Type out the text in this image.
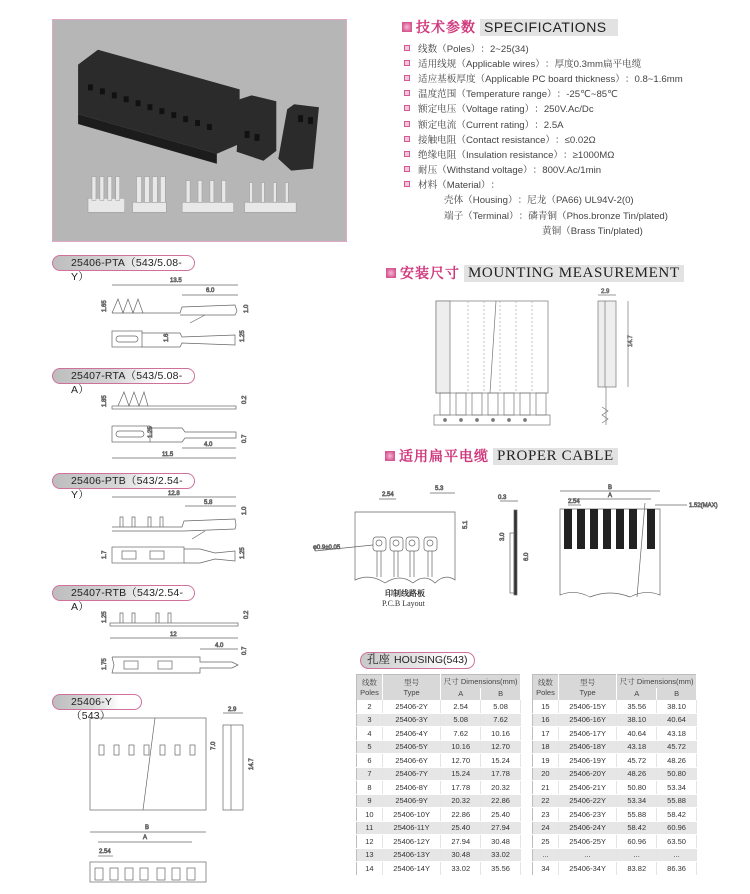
25406-PTA（543/5.08-Y）
25407-RTA（543/5.08-A）
25406-PTB（543/2.54-Y）
25407-RTB（543/2.54-A）
25406-Y（543）
13.5
6.0
1.65	1.0
1.6	1.25
1.85	0.2
1.25
4.0
11.5
0.7
12.8
5.8
1.0
1.7	1.25
1.25	0.2
12
4.0
0.7
1.75
2.9
7.0
14.7
B
A
2.54
技术参数 SPECIFICATIONS
线数（Poles） ：2~25(34)
适用线规（Applicable wires） ：厚度0.3mm扁平电缆
适应基板厚度（Applicable PC board thickness） ：0.8~1.6mm
温度范围（Temperature range） ：-25℃~85℃
额定电压（Voltage rating） ：250V.Ac/Dc
额定电流（Current rating） ：2.5A
接触电阻（Contact resistance） ：≤0.02Ω
绝缘电阻（Insulation resistance） ：≥1000MΩ
耐压（Withstand voltage） ：800V.Ac/1min
材料（Material） ：
壳体（Housing） ：尼龙（PA66) UL94V-2(0)
端子（Terminal） ：磷青铜（Phos.bronze Tin/plated)
黄铜（Brass Tin/plated)
安装尺寸 MOUNTING MEASUREMENT
2.9
14.7
适用扁平电缆 PROPER CABLE
2.54
5.3
5.1
φ0.9±0.05
印制线路板
P.C.B Layout
0.3
3.0
6.0
B
A
2.54
1.52(MAX)
孔座 HOUSING(543)
线数
Poles	型号
Type	尺寸 Dimensions(mm)	
		A	B
2	25406-2Y	2.54	5.08
3	25406-3Y	5.08	7.62
4	25406-4Y	7.62	10.16
5	25406-5Y	10.16	12.70
6	25406-6Y	12.70	15.24
7	25406-7Y	15.24	17.78
8	25406-8Y	17.78	20.32
9	25406-9Y	20.32	22.86
10	25406-10Y	22.86	25.40
11	25406-11Y	25.40	27.94
12	25406-12Y	27.94	30.48
13	25406-13Y	30.48	33.02
14	25406-14Y	33.02	35.56
线数
Poles	型号
Type	尺寸 Dimensions(mm)	
		A	B
15	25406-15Y	35.56	38.10
16	25406-16Y	38.10	40.64
17	25406-17Y	40.64	43.18
18	25406-18Y	43.18	45.72
19	25406-19Y	45.72	48.26
20	25406-20Y	48.26	50.80
21	25406-21Y	50.80	53.34
22	25406-22Y	53.34	55.88
23	25406-23Y	55.88	58.42
24	25406-24Y	58.42	60.96
25	25406-25Y	60.96	63.50
...	...	...	...
34	25406-34Y	83.82	86.36
